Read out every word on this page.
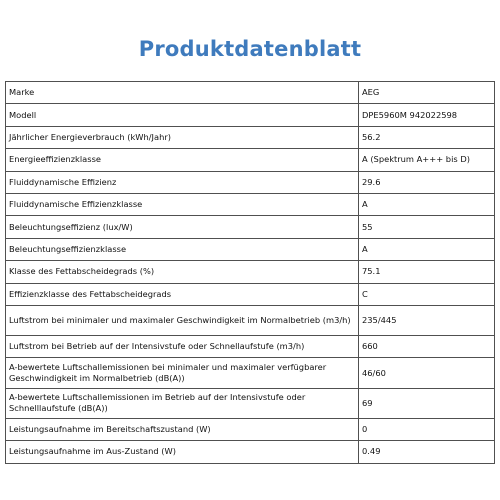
Produktdatenblatt
Marke	AEG
Modell	DPE5960M 942022598
Jährlicher Energieverbrauch (kWh/Jahr)	56.2
Energieeffizienzklasse	A (Spektrum A+++ bis D)
Fluiddynamische Effizienz	29.6
Fluiddynamische Effizienzklasse	A
Beleuchtungseffizienz (lux/W)	55
Beleuchtungseffizienzklasse	A
Klasse des Fettabscheidegrads (%)	75.1
Effizienzklasse des Fettabscheidegrads	C
Luftstrom bei minimaler und maximaler Geschwindigkeit im Normalbetrieb (m3/h)	235/445
Luftstrom bei Betrieb auf der Intensivstufe oder Schnellaufstufe (m3/h)	660
A-bewertete Luftschallemissionen bei minimaler und maximaler verfügbarer Geschwindigkeit im Normalbetrieb (dB(A))	46/60
A-bewertete Luftschallemissionen im Betrieb auf der Intensivstufe oder Schnelllaufstufe (dB(A))	69
Leistungsaufnahme im Bereitschaftszustand (W)	0
Leistungsaufnahme im Aus-Zustand (W)	0.49
